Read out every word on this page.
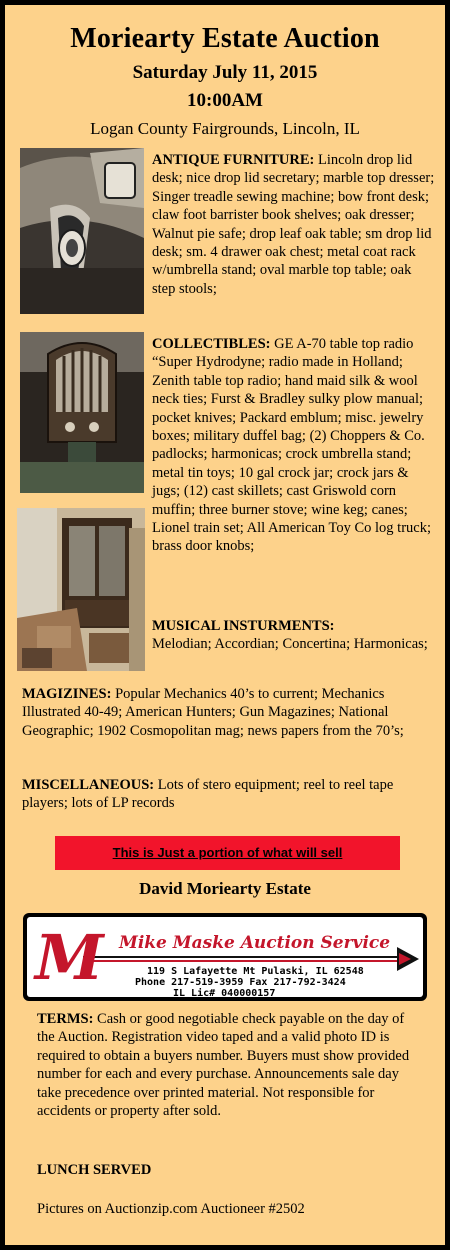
Moriearty Estate Auction
Saturday July 11, 2015
10:00AM
Logan County Fairgrounds, Lincoln, IL
ANTIQUE FURNITURE: Lincoln drop lid desk; nice drop lid secretary; marble top dresser; Singer treadle sewing machine; bow front desk; claw foot barrister book shelves; oak dresser; Walnut pie safe; drop leaf oak table; sm drop lid desk; sm. 4 drawer oak chest; metal coat rack w/umbrella stand; oval marble top table; oak step stools;
COLLECTIBLES: GE A-70 table top radio “Super Hydrodyne; radio made in Holland; Zenith table top radio; hand maid silk & wool neck ties; Furst & Bradley sulky plow manual; pocket knives; Packard emblum; misc. jewelry boxes; military duffel bag; (2) Choppers & Co. padlocks; harmonicas; crock umbrella stand; metal tin toys; 10 gal crock jar; crock jars & jugs; (12) cast skillets; cast Griswold corn muffin; three burner stove; wine keg; canes; Lionel train set; All American Toy Co log truck; brass door knobs;
MUSICAL INSTURMENTS:
Melodian; Accordian; Concertina; Harmonicas;
MAGIZINES: Popular Mechanics 40’s to current; Mechanics Illustrated 40-49; American Hunters; Gun Magazines; National Geographic; 1902 Cosmopolitan mag; news papers from the 70’s;
MISCELLANEOUS: Lots of stero equipment; reel to reel tape players; lots of LP records
This is Just a portion of what will sell
David Moriearty Estate
M Mike Maske Auction Service
119 S Lafayette Mt Pulaski, IL 62548
Phone 217-519-3959 Fax 217-792-3424
IL Lic# 040000157
TERMS: Cash or good negotiable check payable on the day of the Auction. Registration video taped and a valid photo ID is required to obtain a buyers number. Buyers must show provided number for each and every purchase. Announcements sale day take precedence over printed material. Not responsible for accidents or property after sold.
LUNCH SERVED
Pictures on Auctionzip.com Auctioneer #2502
